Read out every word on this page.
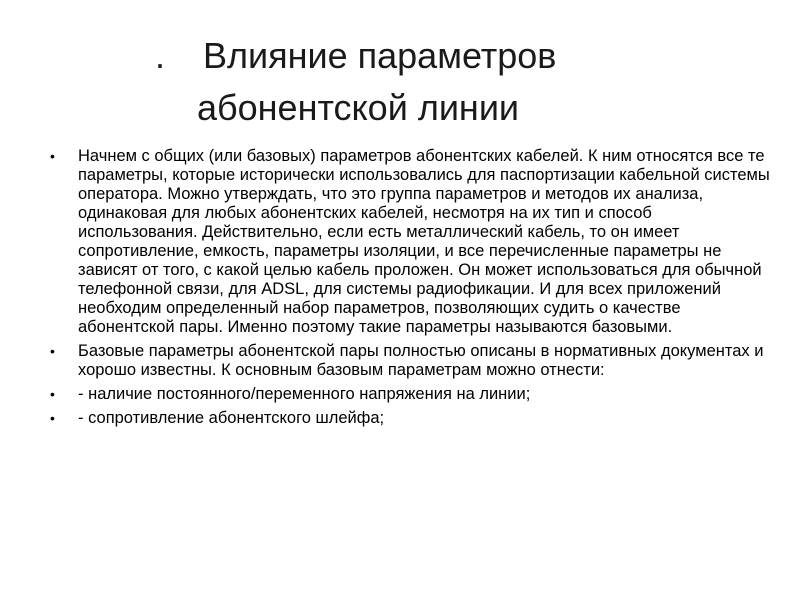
. Влияние параметров
абонентской линии
• Начнем с общих (или базовых) параметров абонентских кабелей. К ним относятся все те параметры, которые исторически использовались для паспортизации кабельной системы оператора. Можно утверждать, что это группа параметров и методов их анализа, одинаковая для любых абонентских кабелей, несмотря на их тип и способ использования. Действительно, если есть металлический кабель, то он имеет сопротивление, емкость, параметры изоляции, и все перечисленные параметры не зависят от того, с какой целью кабель проложен. Он может использоваться для обычной телефонной связи, для ADSL, для системы радиофикации. И для всех приложений необходим определенный набор параметров, позволяющих судить о качестве абонентской пары. Именно поэтому такие параметры называются базовыми.
• Базовые параметры абонентской пары полностью описаны в нормативных документах и хорошо известны. К основным базовым параметрам можно отнести:
• - наличие постоянного/переменного напряжения на линии;
• - сопротивление абонентского шлейфа;
